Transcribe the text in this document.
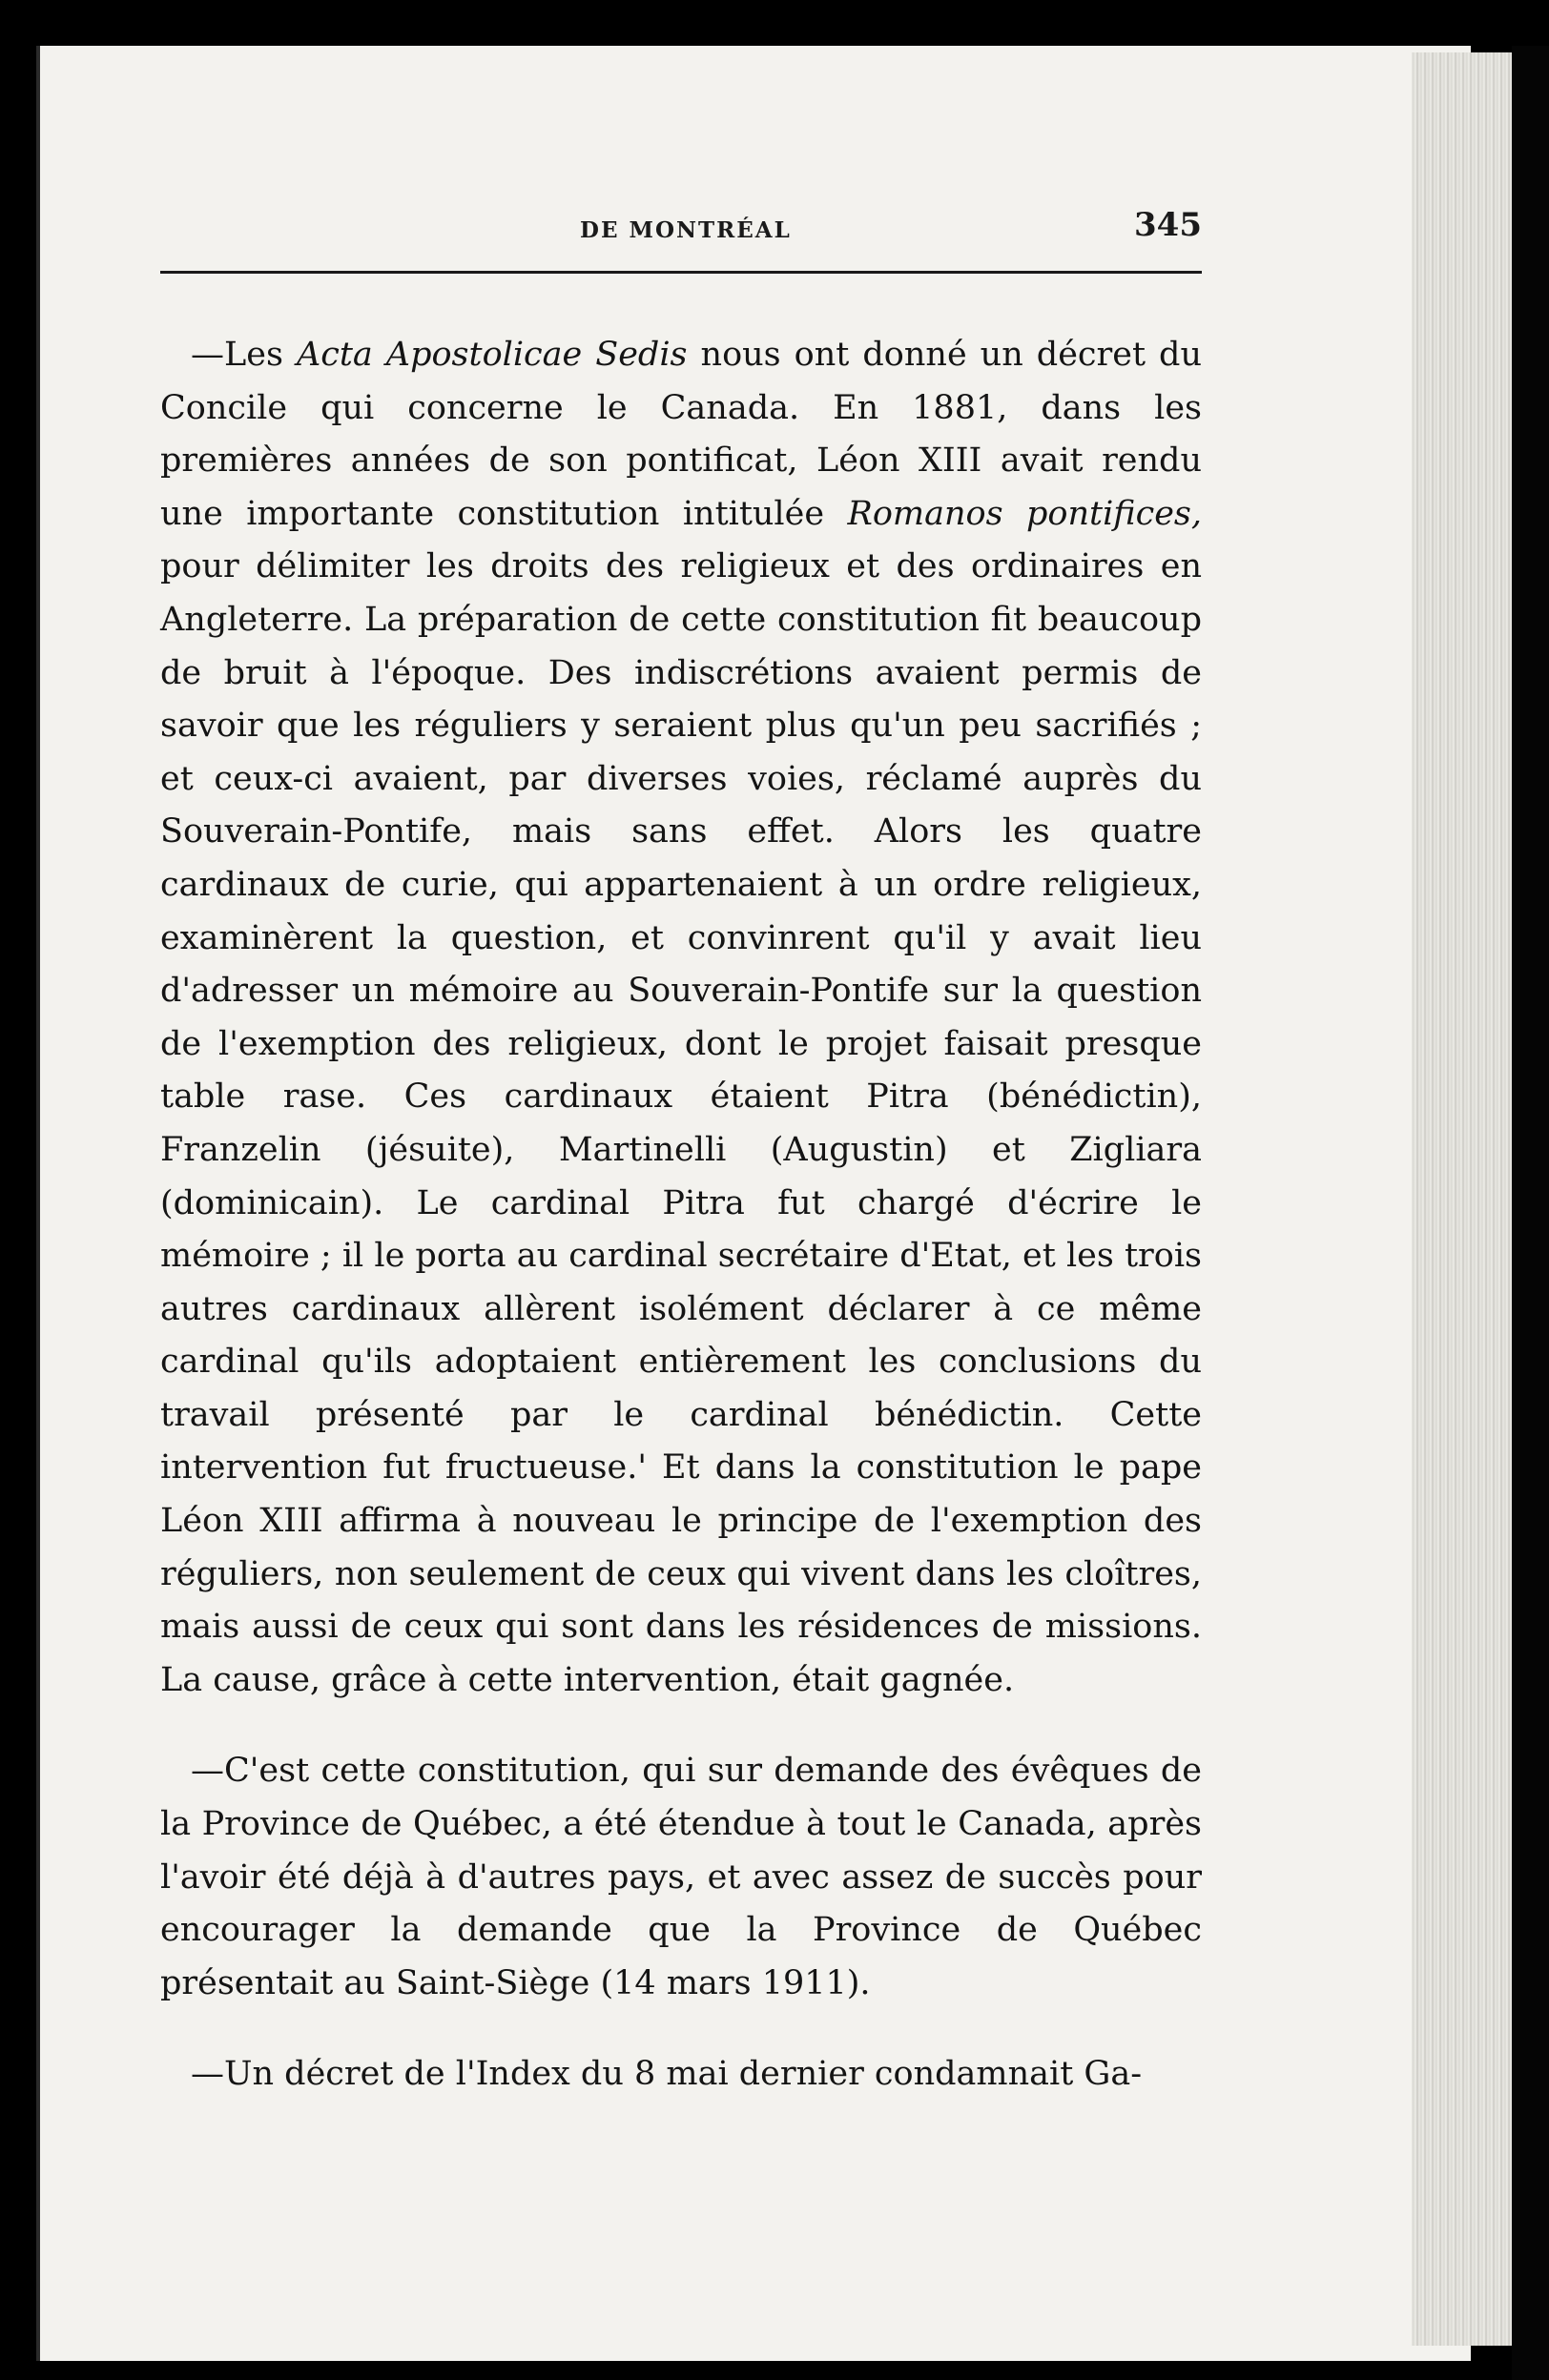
DE MONTRÉAL	345

—Les Acta Apostolicae Sedis nous ont donné un décret du Concile qui concerne le Canada. En 1881, dans les premières années de son pontificat, Léon XIII avait rendu une importante constitution intitulée Romanos pontifices, pour délimiter les droits des religieux et des ordinaires en Angleterre. La préparation de cette constitution fit beaucoup de bruit à l'époque. Des indiscrétions avaient permis de savoir que les réguliers y seraient plus qu'un peu sacrifiés ; et ceux-ci avaient, par diverses voies, réclamé auprès du Souverain-Pontife, mais sans effet. Alors les quatre cardinaux de curie, qui appartenaient à un ordre religieux, examinèrent la question, et convinrent qu'il y avait lieu d'adresser un mémoire au Souverain-Pontife sur la question de l'exemption des religieux, dont le projet faisait presque table rase. Ces cardinaux étaient Pitra (bénédictin), Franzelin (jésuite), Martinelli (Augustin) et Zigliara (dominicain). Le cardinal Pitra fut chargé d'écrire le mémoire ; il le porta au cardinal secrétaire d'Etat, et les trois autres cardinaux allèrent isolément déclarer à ce même cardinal qu'ils adoptaient entièrement les conclusions du travail présenté par le cardinal bénédictin. Cette intervention fut fructueuse.' Et dans la constitution le pape Léon XIII affirma à nouveau le principe de l'exemption des réguliers, non seulement de ceux qui vivent dans les cloîtres, mais aussi de ceux qui sont dans les résidences de missions. La cause, grâce à cette intervention, était gagnée.

—C'est cette constitution, qui sur demande des évêques de la Province de Québec, a été étendue à tout le Canada, après l'avoir été déjà à d'autres pays, et avec assez de succès pour encourager la demande que la Province de Québec présentait au Saint-Siège (14 mars 1911).

—Un décret de l'Index du 8 mai dernier condamnait Ga-
